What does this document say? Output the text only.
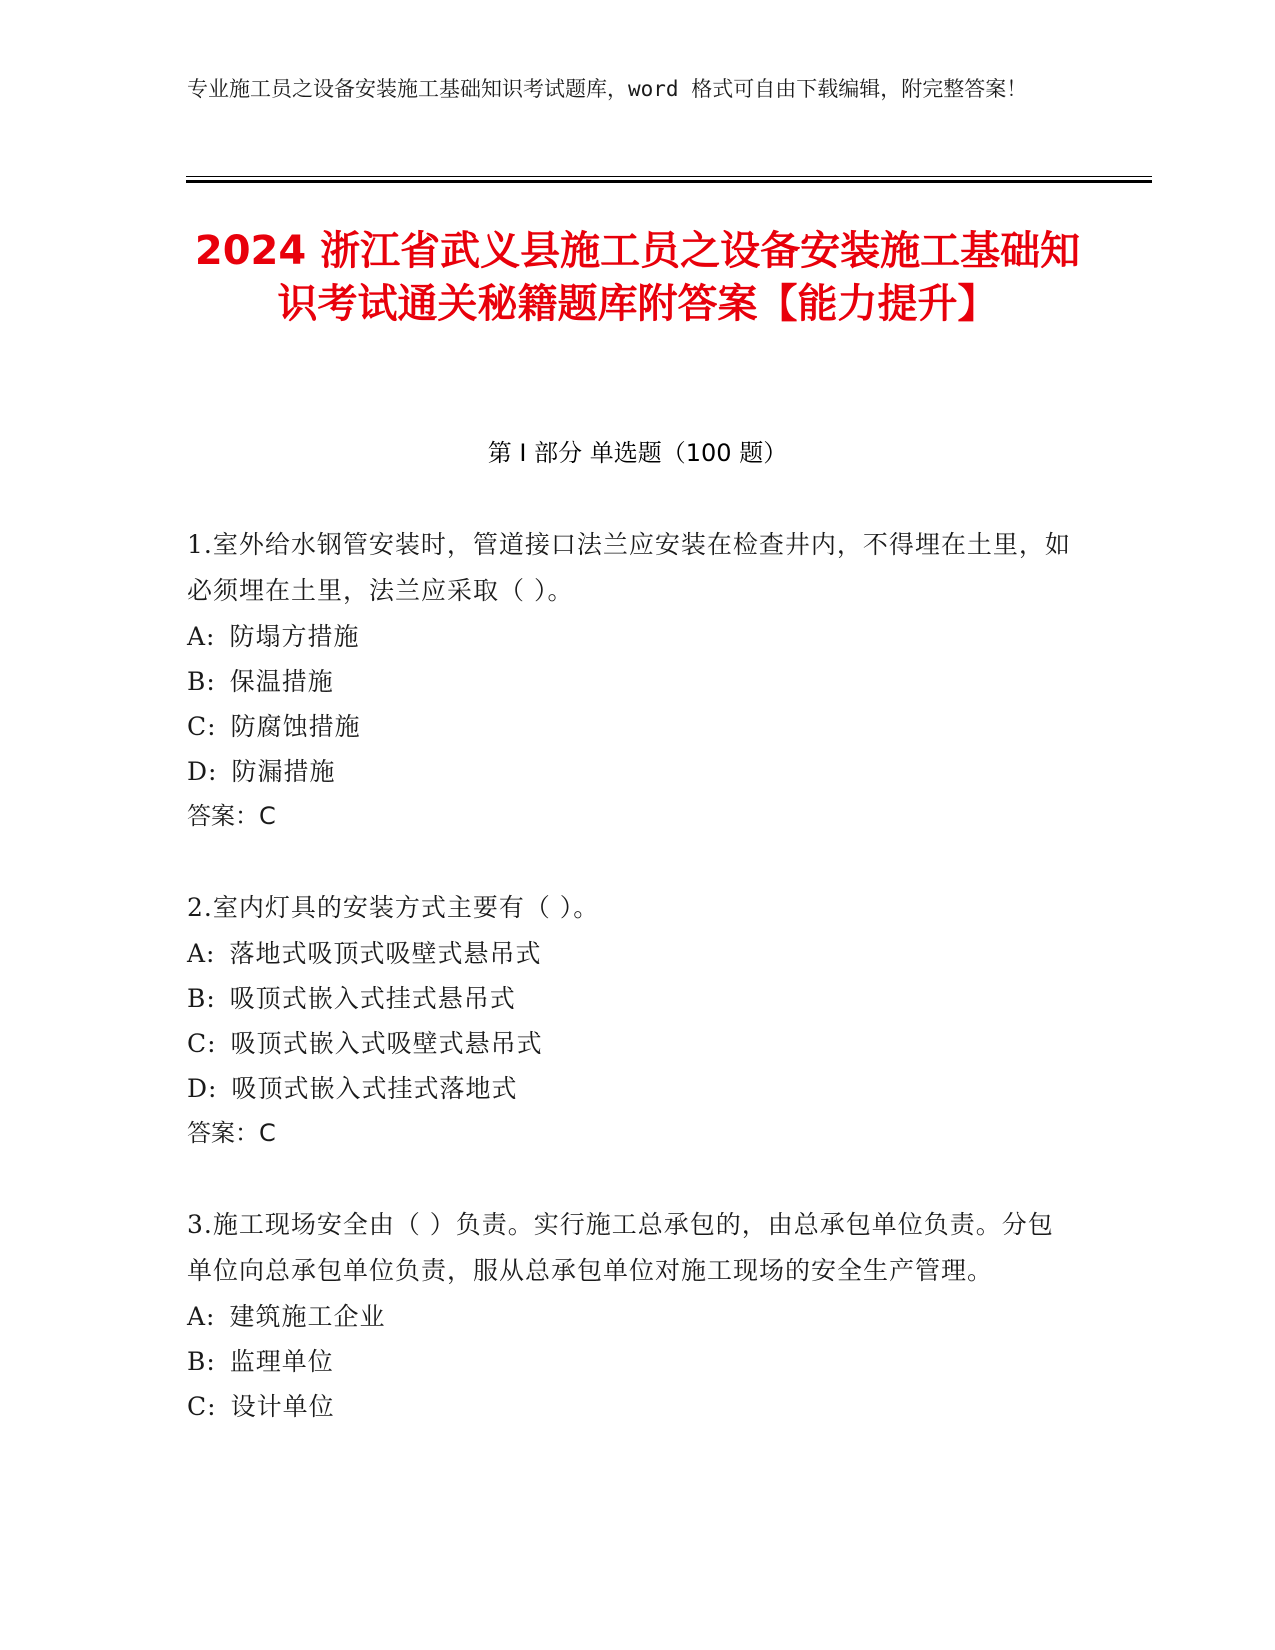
专业施工员之设备安装施工基础知识考试题库，word 格式可自由下载编辑，附完整答案！
2024 浙江省武义县施工员之设备安装施工基础知识考试通关秘籍题库附答案【能力提升】
第 I 部分 单选题（100 题）
1.室外给水钢管安装时，管道接口法兰应安装在检查井内，不得埋在土里，如必须埋在土里，法兰应采取（ ）。
A: 防塌方措施
B: 保温措施
C: 防腐蚀措施
D: 防漏措施
答案：C
2.室内灯具的安装方式主要有（ ）。
A: 落地式吸顶式吸壁式悬吊式
B: 吸顶式嵌入式挂式悬吊式
C: 吸顶式嵌入式吸壁式悬吊式
D: 吸顶式嵌入式挂式落地式
答案：C
3.施工现场安全由（ ）负责。实行施工总承包的，由总承包单位负责。分包单位向总承包单位负责，服从总承包单位对施工现场的安全生产管理。
A: 建筑施工企业
B: 监理单位
C: 设计单位
